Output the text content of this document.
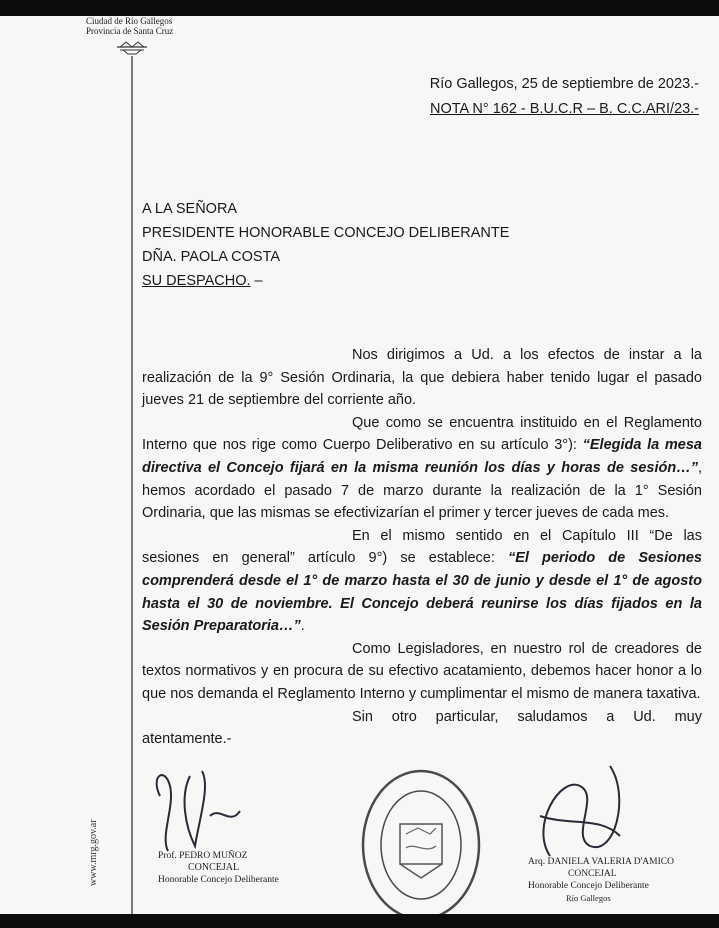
Ciudad de Río Gallegos
Provincia de Santa Cruz
Río Gallegos, 25 de septiembre de 2023.-
NOTA N° 162 - B.U.C.R – B. C.C.ARI/23.-
A LA SEÑORA
PRESIDENTE HONORABLE CONCEJO DELIBERANTE
DÑA. PAOLA COSTA
SU DESPACHO. –

Nos dirigimos a Ud. a los efectos de instar a la realización de la 9° Sesión Ordinaria, la que debiera haber tenido lugar el pasado jueves 21 de septiembre del corriente año.

Que como se encuentra instituido en el Reglamento Interno que nos rige como Cuerpo Deliberativo en su artículo 3°): “Elegida la mesa directiva el Concejo fijará en la misma reunión los días y horas de sesión…”, hemos acordado el pasado 7 de marzo durante la realización de la 1° Sesión Ordinaria, que las mismas se efectivizarían el primer y tercer jueves de cada mes.

En el mismo sentido en el Capítulo III “De las sesiones en general” artículo 9°) se establece: “El periodo de Sesiones comprenderá desde el 1° de marzo hasta el 30 de junio y desde el 1° de agosto hasta el 30 de noviembre. El Concejo deberá reunirse los días fijados en la Sesión Preparatoria…”.

Como Legisladores, en nuestro rol de creadores de textos normativos y en procura de su efectivo acatamiento, debemos hacer honor a lo que nos demanda el Reglamento Interno y cumplimentar el mismo de manera taxativa.

Sin otro particular, saludamos a Ud. muy

atentamente.-

www.mrg.gov.ar	Prof. PEDRO MUÑOZ
CONCEJAL
Honorable Concejo Deliberante
Arq. DANIELA VALERIA D'AMICO
CONCEJAL
Honorable Concejo Deliberante
Río Gallegos
